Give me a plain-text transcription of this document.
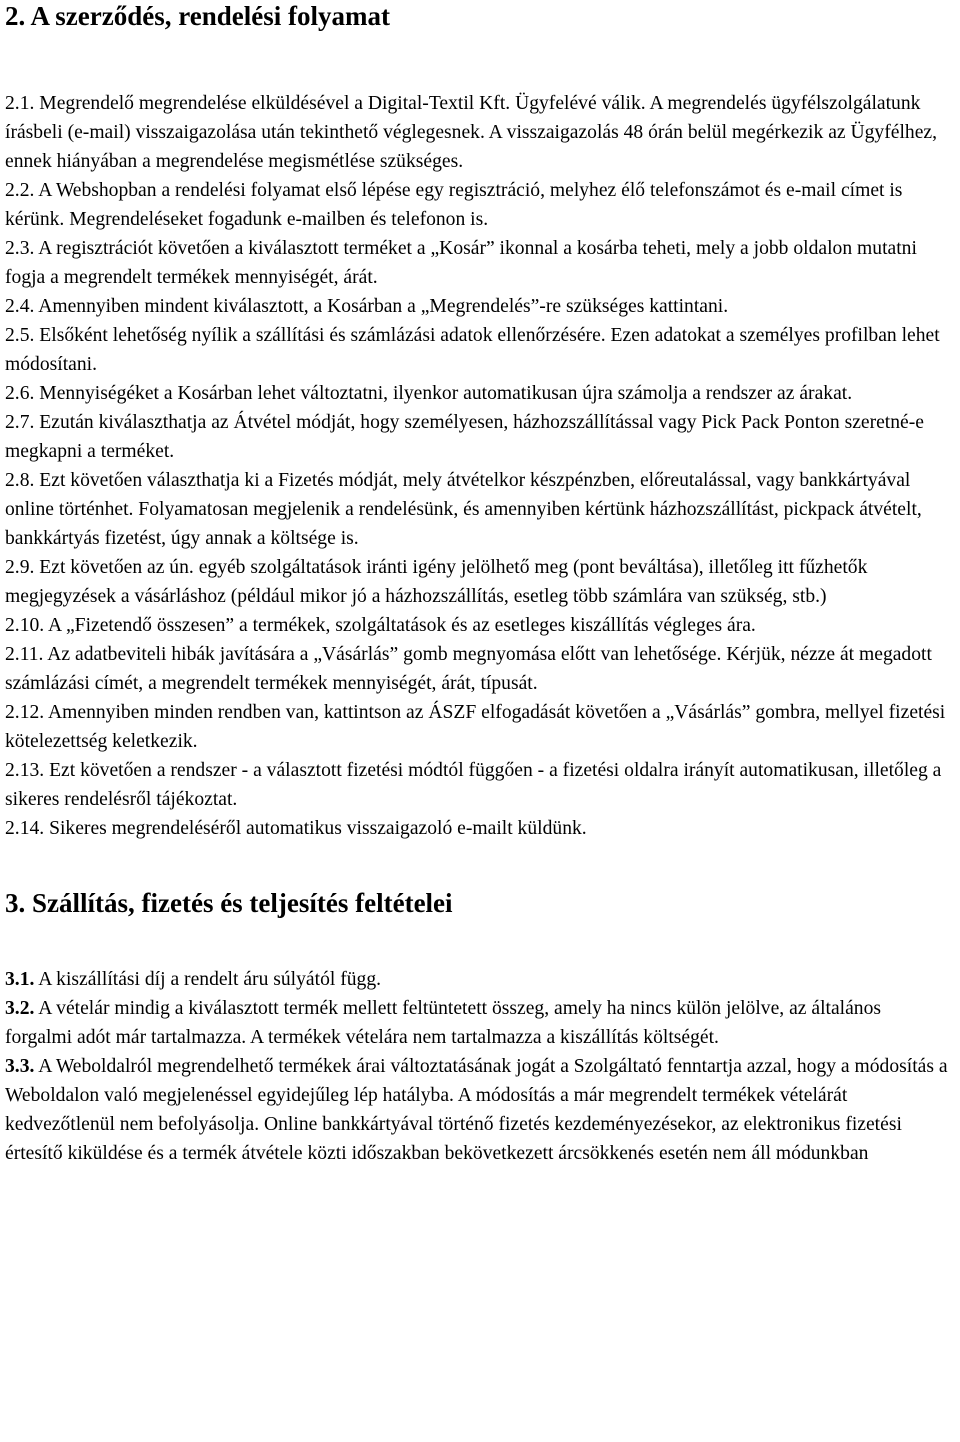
2. A szerződés, rendelési folyamat

2.1. Megrendelő megrendelése elküldésével a Digital-Textil Kft. Ügyfelévé válik. A megrendelés ügyfélszolgálatunk írásbeli (e-mail) visszaigazolása után tekinthető véglegesnek. A visszaigazolás 48 órán belül megérkezik az Ügyfélhez, ennek hiányában a megrendelése megismétlése szükséges.

2.2. A Webshopban a rendelési folyamat első lépése egy regisztráció, melyhez élő telefonszámot és e-mail címet is kérünk. Megrendeléseket fogadunk e-mailben és telefonon is.

2.3. A regisztrációt követően a kiválasztott terméket a „Kosár” ikonnal a kosárba teheti, mely a jobb oldalon mutatni fogja a megrendelt termékek mennyiségét, árát.

2.4. Amennyiben mindent kiválasztott, a Kosárban a „Megrendelés”-re szükséges kattintani.

2.5. Elsőként lehetőség nyílik a szállítási és számlázási adatok ellenőrzésére. Ezen adatokat a személyes profilban lehet módosítani.

2.6. Mennyiségéket a Kosárban lehet változtatni, ilyenkor automatikusan újra számolja a rendszer az árakat.

2.7. Ezután kiválaszthatja az Átvétel módját, hogy személyesen, házhozszállítással vagy Pick Pack Ponton szeretné-e megkapni a terméket.

2.8. Ezt követően választhatja ki a Fizetés módját, mely átvételkor készpénzben, előreutalással, vagy bankkártyával online történhet. Folyamatosan megjelenik a rendelésünk, és amennyiben kértünk házhozszállítást, pickpack átvételt, bankkártyás fizetést, úgy annak a költsége is.

2.9. Ezt követően az ún. egyéb szolgáltatások iránti igény jelölhető meg (pont beváltása), illetőleg itt fűzhetők megjegyzések a vásárláshoz (például mikor jó a házhozszállítás, esetleg több számlára van szükség, stb.)

2.10. A „Fizetendő összesen” a termékek, szolgáltatások és az esetleges kiszállítás végleges ára.

2.11. Az adatbeviteli hibák javítására a „Vásárlás” gomb megnyomása előtt van lehetősége. Kérjük, nézze át megadott számlázási címét, a megrendelt termékek mennyiségét, árát, típusát.

2.12. Amennyiben minden rendben van, kattintson az ÁSZF elfogadását követően a „Vásárlás” gombra, mellyel fizetési kötelezettség keletkezik.

2.13. Ezt követően a rendszer - a választott fizetési módtól függően - a fizetési oldalra irányít automatikusan, illetőleg a sikeres rendelésről tájékoztat.

2.14. Sikeres megrendeléséről automatikus visszaigazoló e-mailt küldünk.

3. Szállítás, fizetés és teljesítés feltételei

3.1. A kiszállítási díj a rendelt áru súlyától függ.

3.2. A vételár mindig a kiválasztott termék mellett feltüntetett összeg, amely ha nincs külön jelölve, az általános forgalmi adót már tartalmazza. A termékek vételára nem tartalmazza a kiszállítás költségét.

3.3. A Weboldalról megrendelhető termékek árai változtatásának jogát a Szolgáltató fenntartja azzal, hogy a módosítás a Weboldalon való megjelenéssel egyidejűleg lép hatályba. A módosítás a már megrendelt termékek vételárát kedvezőtlenül nem befolyásolja. Online bankkártyával történő fizetés kezdeményezésekor, az elektronikus fizetési értesítő kiküldése és a termék átvétele közti időszakban bekövetkezett árcsökkenés esetén nem áll módunkban
